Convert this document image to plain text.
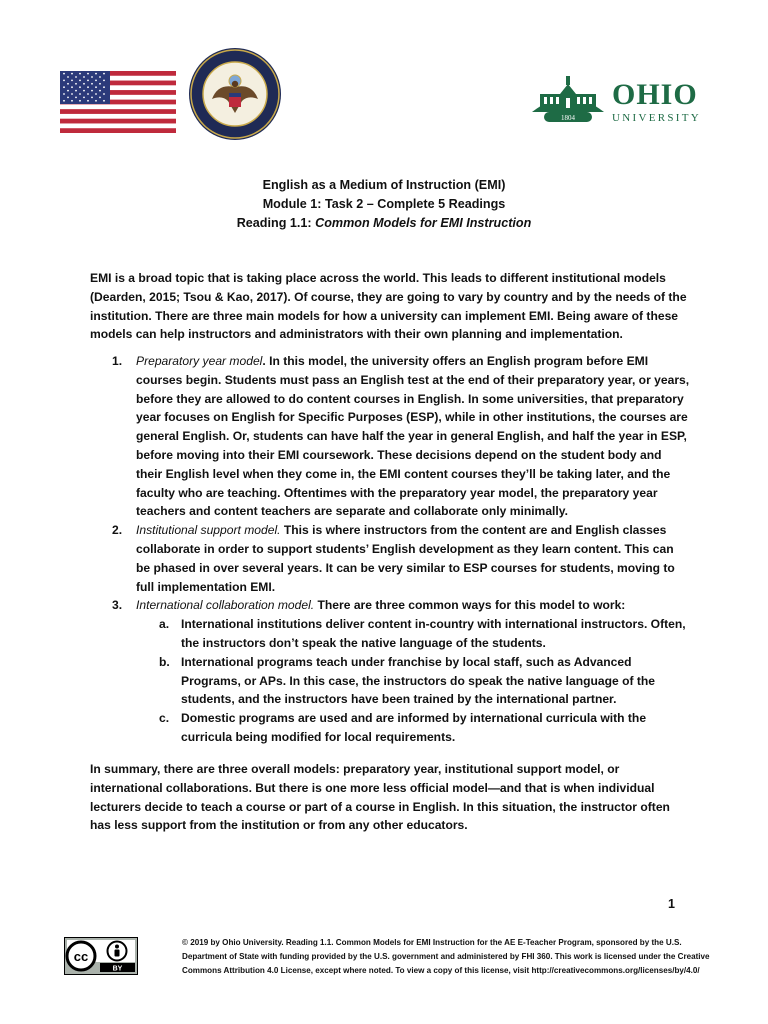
1804
OHIO
UNIVERSITY
English as a Medium of Instruction (EMI)
Module 1: Task 2 – Complete 5 Readings
Reading 1.1: Common Models for EMI Instruction

EMI is a broad topic that is taking place across the world. This leads to different institutional models (Dearden, 2015; Tsou & Kao, 2017). Of course, they are going to vary by country and by the needs of the institution. There are three main models for how a university can implement EMI. Being aware of these models can help instructors and administrators with their own planning and implementation.

1. Preparatory year model. In this model, the university offers an English program before EMI courses begin. Students must pass an English test at the end of their preparatory year, or years, before they are allowed to do content courses in English. In some universities, that preparatory year focuses on English for Specific Purposes (ESP), while in other institutions, the courses are general English. Or, students can have half the year in general English, and half the year in ESP, before moving into their EMI coursework. These decisions depend on the student body and their English level when they come in, the EMI content courses they’ll be taking later, and the faculty who are teaching. Oftentimes with the preparatory year model, the preparatory year teachers and content teachers are separate and collaborate only minimally.
2. Institutional support model. This is where instructors from the content are and English classes collaborate in order to support students’ English development as they learn content. This can be phased in over several years. It can be very similar to ESP courses for students, moving to full implementation EMI.
3. International collaboration model. There are three common ways for this model to work:
a. International institutions deliver content in-country with international instructors. Often, the instructors don’t speak the native language of the students.
b. International programs teach under franchise by local staff, such as Advanced Programs, or APs. In this case, the instructors do speak the native language of the students, and the instructors have been trained by the international partner.
c. Domestic programs are used and are informed by international curricula with the curricula being modified for local requirements.

In summary, there are three overall models: preparatory year, institutional support model, or international collaborations. But there is one more less official model—and that is when individual lecturers decide to teach a course or part of a course in English. In this situation, the instructor often has less support from the institution or from any other educators.

1
BY
cc
© 2019 by Ohio University. Reading 1.1. Common Models for EMI Instruction for the AE E-Teacher Program, sponsored by the U.S. Department of State with funding provided by the U.S. government and administered by FHI 360. This work is licensed under the Creative Commons Attribution 4.0 License, except where noted. To view a copy of this license, visit http://creativecommons.org/licenses/by/4.0/
